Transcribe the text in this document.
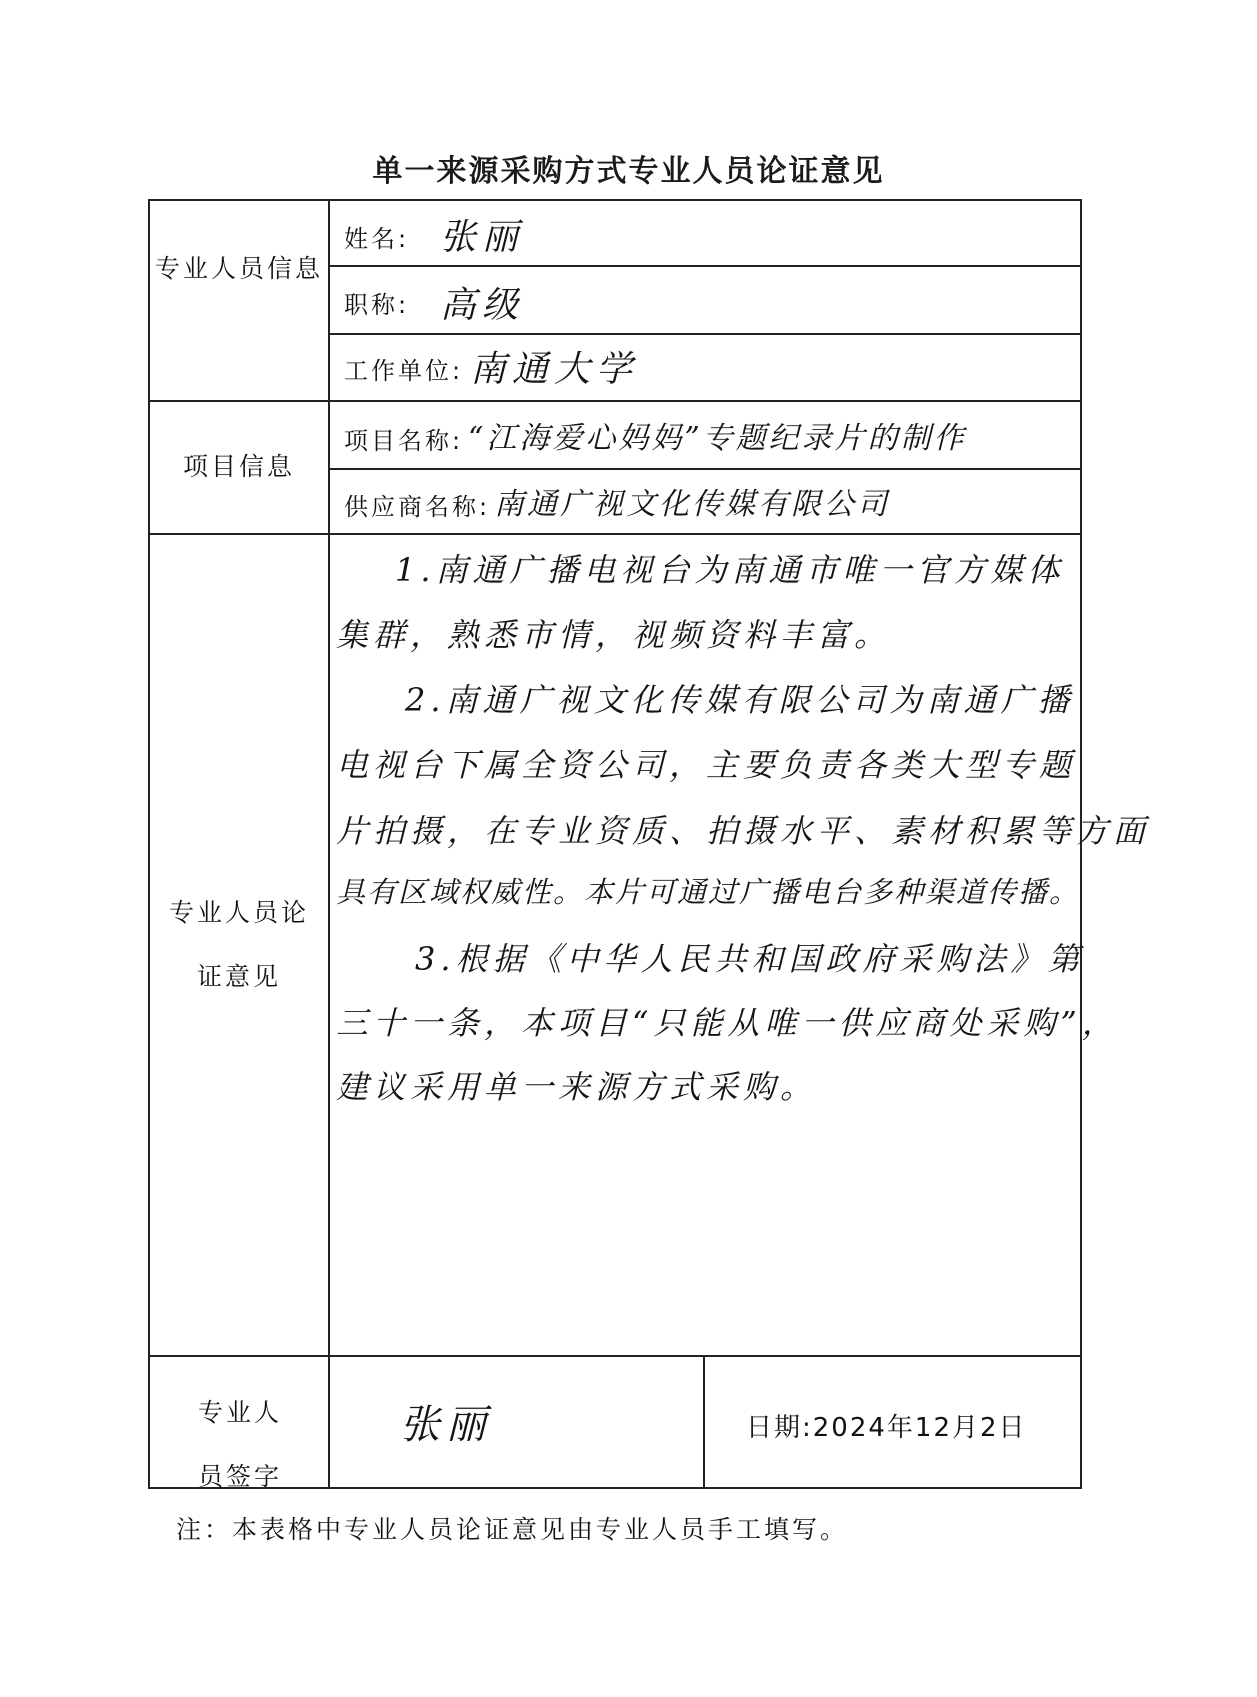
单一来源采购方式专业人员论证意见
专业人员信息
项目信息
专业人员论证意见
专业人员签字
姓名: 张丽
职称: 高级
工作单位: 南通大学
项目名称: “江海爱心妈妈”专题纪录片的制作
供应商名称: 南通广视文化传媒有限公司
张丽	日期:2024年12月2日
1.南通广播电视台为南通市唯一官方媒体
集群，熟悉市情，视频资料丰富。
2.南通广视文化传媒有限公司为南通广播
电视台下属全资公司，主要负责各类大型专题
片拍摄，在专业资质、拍摄水平、素材积累等方面
具有区域权威性。本片可通过广播电台多种渠道传播。
3.根据《中华人民共和国政府采购法》第
三十一条，本项目“只能从唯一供应商处采购”，
建议采用单一来源方式采购。
注：本表格中专业人员论证意见由专业人员手工填写。
